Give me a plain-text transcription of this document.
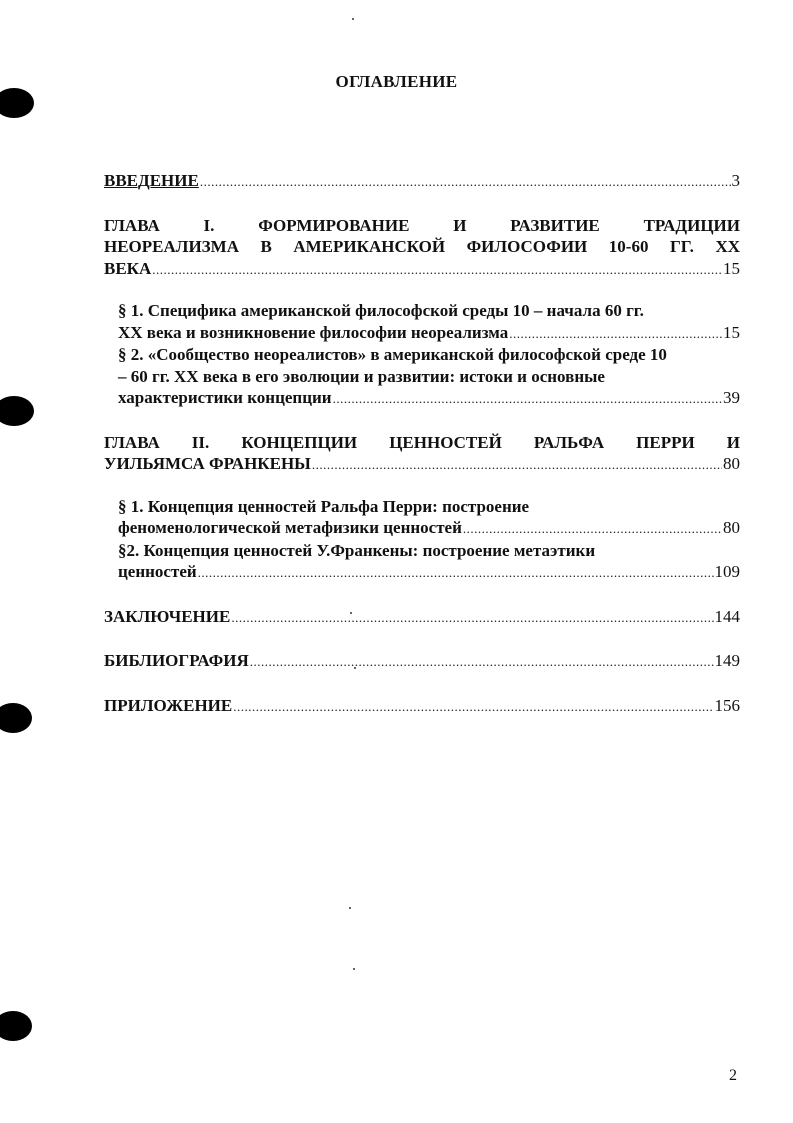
ОГЛАВЛЕНИЕ
ВВЕДЕНИЕ .....	3
ГЛАВА I. ФОРМИРОВАНИЕ И РАЗВИТИЕ ТРАДИЦИИ
НЕОРЕАЛИЗМА В АМЕРИКАНСКОЙ ФИЛОСОФИИ 10-60 ГГ. XX
ВЕКА .....	15
§ 1. Специфика американской философской среды 10 – начала 60 гг.
XX века и возникновение философии неореализма .....	15
§ 2. «Сообщество неореалистов» в американской философской среде 10
– 60 гг. XX века в его эволюции и развитии: истоки и основные
характеристики концепции .....	39
ГЛАВА II. КОНЦЕПЦИИ ЦЕННОСТЕЙ РАЛЬФА ПЕРРИ И
УИЛЬЯМСА ФРАНКЕНЫ .....	80
§ 1. Концепция ценностей Ральфа Перри: построение
феноменологической метафизики ценностей .....	80
§2. Концепция ценностей У.Франкены: построение метаэтики
ценностей .....	109
ЗАКЛЮЧЕНИЕ .....	144
БИБЛИОГРАФИЯ .....	149
ПРИЛОЖЕНИЕ .....	156
2
